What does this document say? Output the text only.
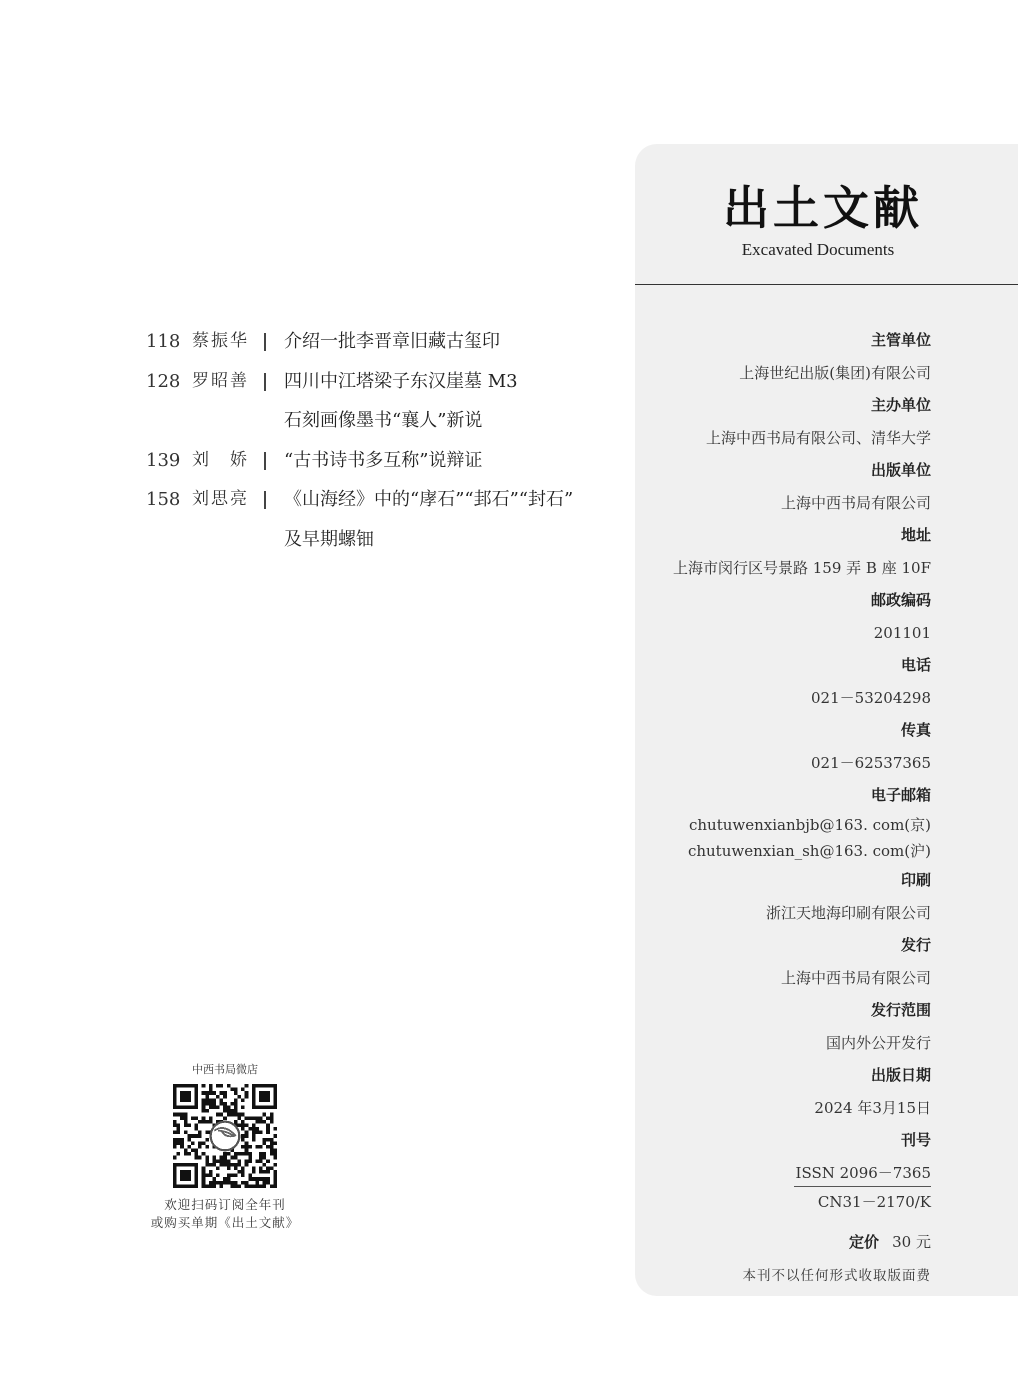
118 蔡振华	介绍一批李晋章旧藏古玺印
128 罗昭善	四川中江塔梁子东汉崖墓 M3
石刻画像墨书“襄人”新说
139 刘　娇	“古书诗书多互称”说辩证
158 刘思亮	《山海经》中的“庨石”“邽石”“封石”
及早期螺钿
中西书局微店
欢迎扫码订阅全年刊
或购买单期《出土文献》
出土文献
Excavated Documents
主管单位
上海世纪出版(集团)有限公司
主办单位
上海中西书局有限公司、清华大学
出版单位
上海中西书局有限公司
地址
上海市闵行区号景路 159 弄 B 座 10F
邮政编码
201101
电话
021－53204298
传真
021－62537365
电子邮箱
chutuwenxianbjb@163. com(京)
chutuwenxian_sh@163. com(沪)
印刷
浙江天地海印刷有限公司
发行
上海中西书局有限公司
发行范围
国内外公开发行
出版日期
2024 年3月15日
刊号
ISSN 2096－7365
CN31－2170/K
定价 30 元
本刊不以任何形式收取版面费
